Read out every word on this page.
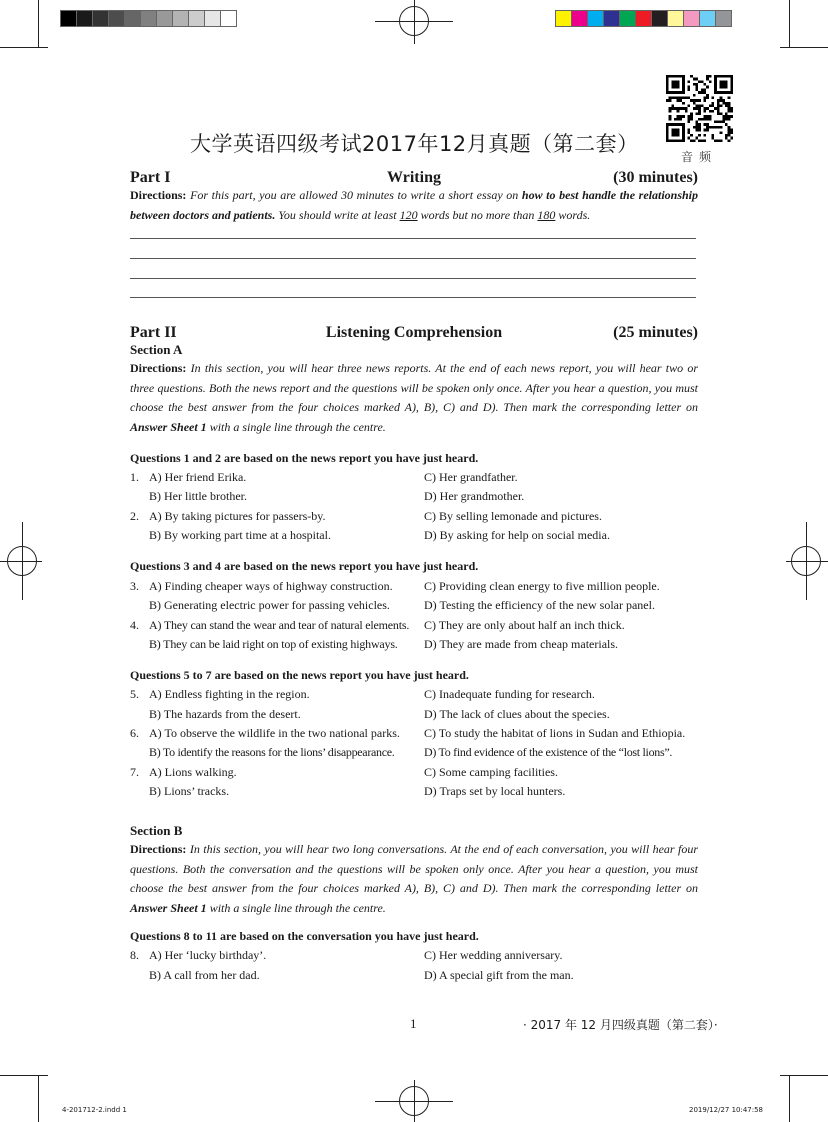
音频
大学英语四级考试2017年12月真题（第二套）
Part I	Writing	(30 minutes)
Directions: For this part, you are allowed 30 minutes to write a short essay on how to best handle the relationship between doctors and patients. You should write at least 120 words but no more than 180 words.
Part II	Listening Comprehension	(25 minutes)
Section A
Directions: In this section, you will hear three news reports. At the end of each news report, you will hear two or three questions. Both the news report and the questions will be spoken only once. After you hear a question, you must choose the best answer from the four choices marked A), B), C) and D). Then mark the corresponding letter on Answer Sheet 1 with a single line through the centre.
Questions 1 and 2 are based on the news report you have just heard.
1. A) Her friend Erika.	C) Her grandfather.
B) Her little brother.	D) Her grandmother.
2. A) By taking pictures for passers-by.	C) By selling lemonade and pictures.
B) By working part time at a hospital.	D) By asking for help on social media.
Questions 3 and 4 are based on the news report you have just heard.
3. A) Finding cheaper ways of highway construction.	C) Providing clean energy to five million people.
B) Generating electric power for passing vehicles.	D) Testing the efficiency of the new solar panel.
4. A) They can stand the wear and tear of natural elements. C) They are only about half an inch thick.
B) They can be laid right on top of existing highways. D) They are made from cheap materials.
Questions 5 to 7 are based on the news report you have just heard.
5. A) Endless fighting in the region.	C) Inadequate funding for research.
B) The hazards from the desert.	D) The lack of clues about the species.
6. A) To observe the wildlife in the two national parks. C) To study the habitat of lions in Sudan and Ethiopia.
B) To identify the reasons for the lions’ disappearance. D) To find evidence of the existence of the “lost lions”.
7. A) Lions walking.	C) Some camping facilities.
B) Lions’ tracks.	D) Traps set by local hunters.
Section B
Directions: In this section, you will hear two long conversations. At the end of each conversation, you will hear four questions. Both the conversation and the questions will be spoken only once. After you hear a question, you must choose the best answer from the four choices marked A), B), C) and D). Then mark the corresponding letter on Answer Sheet 1 with a single line through the centre.
Questions 8 to 11 are based on the conversation you have just heard.
8. A) Her ‘lucky birthday’.	C) Her wedding anniversary.
B) A call from her dad.	D) A special gift from the man.
1	· 2017 年 12 月四级真题（第二套）·
4-201712-2.indd 1	2019/12/27 10:47:58
